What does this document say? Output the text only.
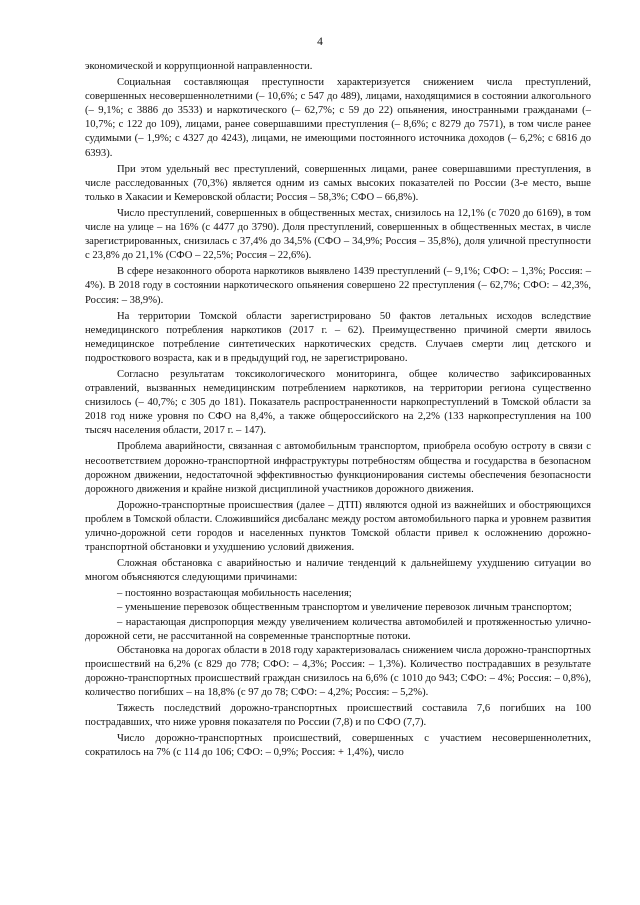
4

экономической и коррупционной направленности.

Социальная составляющая преступности характеризуется снижением числа преступлений, совершенных несовершеннолетними (– 10,6%; с 547 до 489), лицами, находящимися в состоянии алкогольного (– 9,1%; с 3886 до 3533) и наркотического (– 62,7%; с 59 до 22) опьянения, иностранными гражданами (– 10,7%; с 122 до 109), лицами, ранее совершавшими преступления (– 8,6%; с 8279 до 7571), в том числе ранее судимыми (– 1,9%; с 4327 до 4243), лицами, не имеющими постоянного источника доходов (– 6,2%; с 6816 до 6393).

При этом удельный вес преступлений, совершенных лицами, ранее совершавшими преступления, в числе расследованных (70,3%) является одним из самых высоких показателей по России (3-е место, выше только в Хакасии и Кемеровской области; Россия – 58,3%; СФО – 66,8%).

Число преступлений, совершенных в общественных местах, снизилось на 12,1% (с 7020 до 6169), в том числе на улице – на 16% (с 4477 до 3790). Доля преступлений, совершенных в общественных местах, в числе зарегистрированных, снизилась с 37,4% до 34,5% (СФО – 34,9%; Россия – 35,8%), доля уличной преступности с 23,8% до 21,1% (СФО – 22,5%; Россия – 22,6%).

В сфере незаконного оборота наркотиков выявлено 1439 преступлений (– 9,1%; СФО: – 1,3%; Россия: – 4%). В 2018 году в состоянии наркотического опьянения совершено 22 преступления (– 62,7%; СФО: – 42,3%, Россия: – 38,9%).

На территории Томской области зарегистрировано 50 фактов летальных исходов вследствие немедицинского потребления наркотиков (2017 г. – 62). Преимущественно причиной смерти явилось немедицинское потребление синтетических наркотических средств. Случаев смерти лиц детского и подросткового возраста, как и в предыдущий год, не зарегистрировано.

Согласно результатам токсикологического мониторинга, общее количество зафиксированных отравлений, вызванных немедицинским потреблением наркотиков, на территории региона существенно снизилось (– 40,7%; с 305 до 181). Показатель распространенности наркопреступлений в Томской области за 2018 год ниже уровня по СФО на 8,4%, а также общероссийского на 2,2% (133 наркопреступления на 100 тысяч населения области, 2017 г. – 147).

Проблема аварийности, связанная с автомобильным транспортом, приобрела особую остроту в связи с несоответствием дорожно-транспортной инфраструктуры потребностям общества и государства в безопасном дорожном движении, недостаточной эффективностью функционирования системы обеспечения безопасности дорожного движения и крайне низкой дисциплиной участников дорожного движения.

Дорожно-транспортные происшествия (далее – ДТП) являются одной из важнейших и обостряющихся проблем в Томской области. Сложившийся дисбаланс между ростом автомобильного парка и уровнем развития улично-дорожной сети городов и населенных пунктов Томской области привел к осложнению дорожно-транспортной обстановки и ухудшению условий движения.

Сложная обстановка с аварийностью и наличие тенденций к дальнейшему ухудшению ситуации во многом объясняются следующими причинами:

– постоянно возрастающая мобильность населения;

– уменьшение перевозок общественным транспортом и увеличение перевозок личным транспортом;

– нарастающая диспропорция между увеличением количества автомобилей и протяженностью улично-дорожной сети, не рассчитанной на современные транспортные потоки.

Обстановка на дорогах области в 2018 году характеризовалась снижением числа дорожно-транспортных происшествий на 6,2% (с 829 до 778; СФО: – 4,3%; Россия: – 1,3%). Количество пострадавших в результате дорожно-транспортных происшествий граждан снизилось на 6,6% (с 1010 до 943; СФО: – 4%; Россия: – 0,8%), количество погибших – на 18,8% (с 97 до 78; СФО: – 4,2%; Россия: – 5,2%).

Тяжесть последствий дорожно-транспортных происшествий составила 7,6 погибших на 100 пострадавших, что ниже уровня показателя по России (7,8) и по СФО (7,7).

Число дорожно-транспортных происшествий, совершенных с участием несовершеннолетних, сократилось на 7% (с 114 до 106; СФО: – 0,9%; Россия: + 1,4%), число
